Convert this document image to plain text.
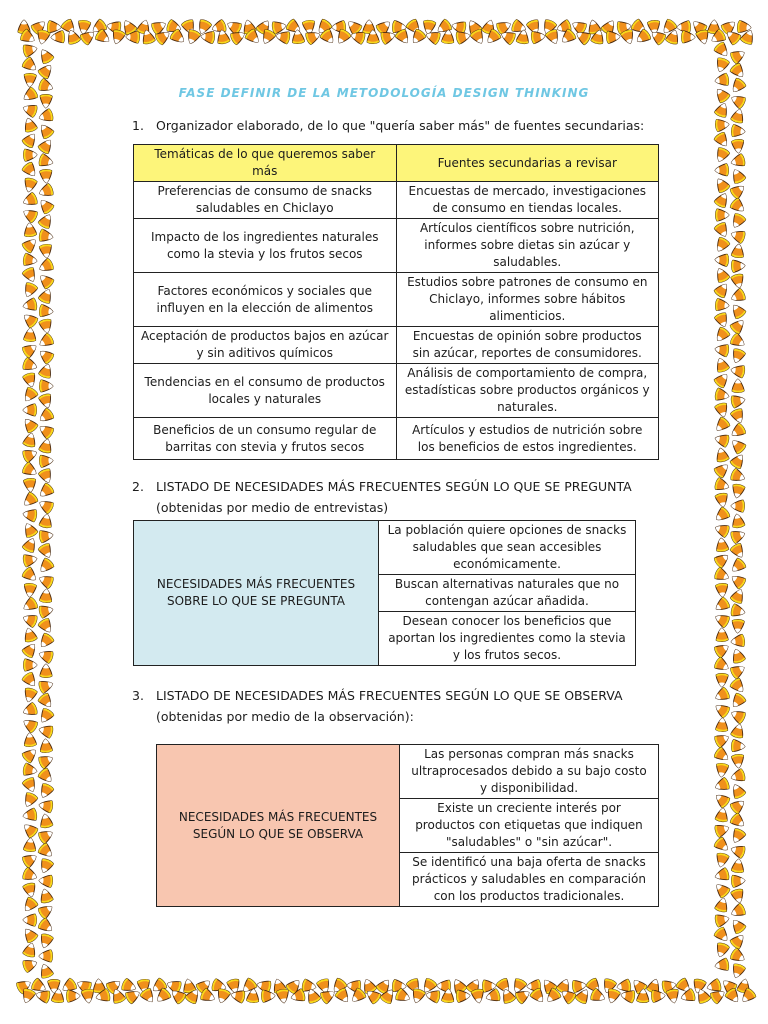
FASE DEFINIR DE LA METODOLOGÍA DESIGN THINKING
1. Organizador elaborado, de lo que "quería saber más" de fuentes secundarias:
Temáticas de lo que queremos saber más	Fuentes secundarias a revisar
Preferencias de consumo de snacks saludables en Chiclayo	Encuestas de mercado, investigaciones de consumo en tiendas locales.
Impacto de los ingredientes naturales como la stevia y los frutos secos	Artículos científicos sobre nutrición, informes sobre dietas sin azúcar y saludables.
Factores económicos y sociales que influyen en la elección de alimentos	Estudios sobre patrones de consumo en Chiclayo, informes sobre hábitos alimenticios.
Aceptación de productos bajos en azúcar y sin aditivos químicos	Encuestas de opinión sobre productos sin azúcar, reportes de consumidores.
Tendencias en el consumo de productos locales y naturales	Análisis de comportamiento de compra, estadísticas sobre productos orgánicos y naturales.
Beneficios de un consumo regular de barritas con stevia y frutos secos	Artículos y estudios de nutrición sobre los beneficios de estos ingredientes.
2. LISTADO DE NECESIDADES MÁS FRECUENTES SEGÚN LO QUE SE PREGUNTA (obtenidas por medio de entrevistas)
NECESIDADES MÁS FRECUENTES SOBRE LO QUE SE PREGUNTA	La población quiere opciones de snacks saludables que sean accesibles económicamente.
Buscan alternativas naturales que no contengan azúcar añadida.
Desean conocer los beneficios que aportan los ingredientes como la stevia y los frutos secos.
3. LISTADO DE NECESIDADES MÁS FRECUENTES SEGÚN LO QUE SE OBSERVA (obtenidas por medio de la observación):
NECESIDADES MÁS FRECUENTES SEGÚN LO QUE SE OBSERVA	Las personas compran más snacks ultraprocesados debido a su bajo costo y disponibilidad.
Existe un creciente interés por productos con etiquetas que indiquen "saludables" o "sin azúcar".
Se identificó una baja oferta de snacks prácticos y saludables en comparación con los productos tradicionales.
